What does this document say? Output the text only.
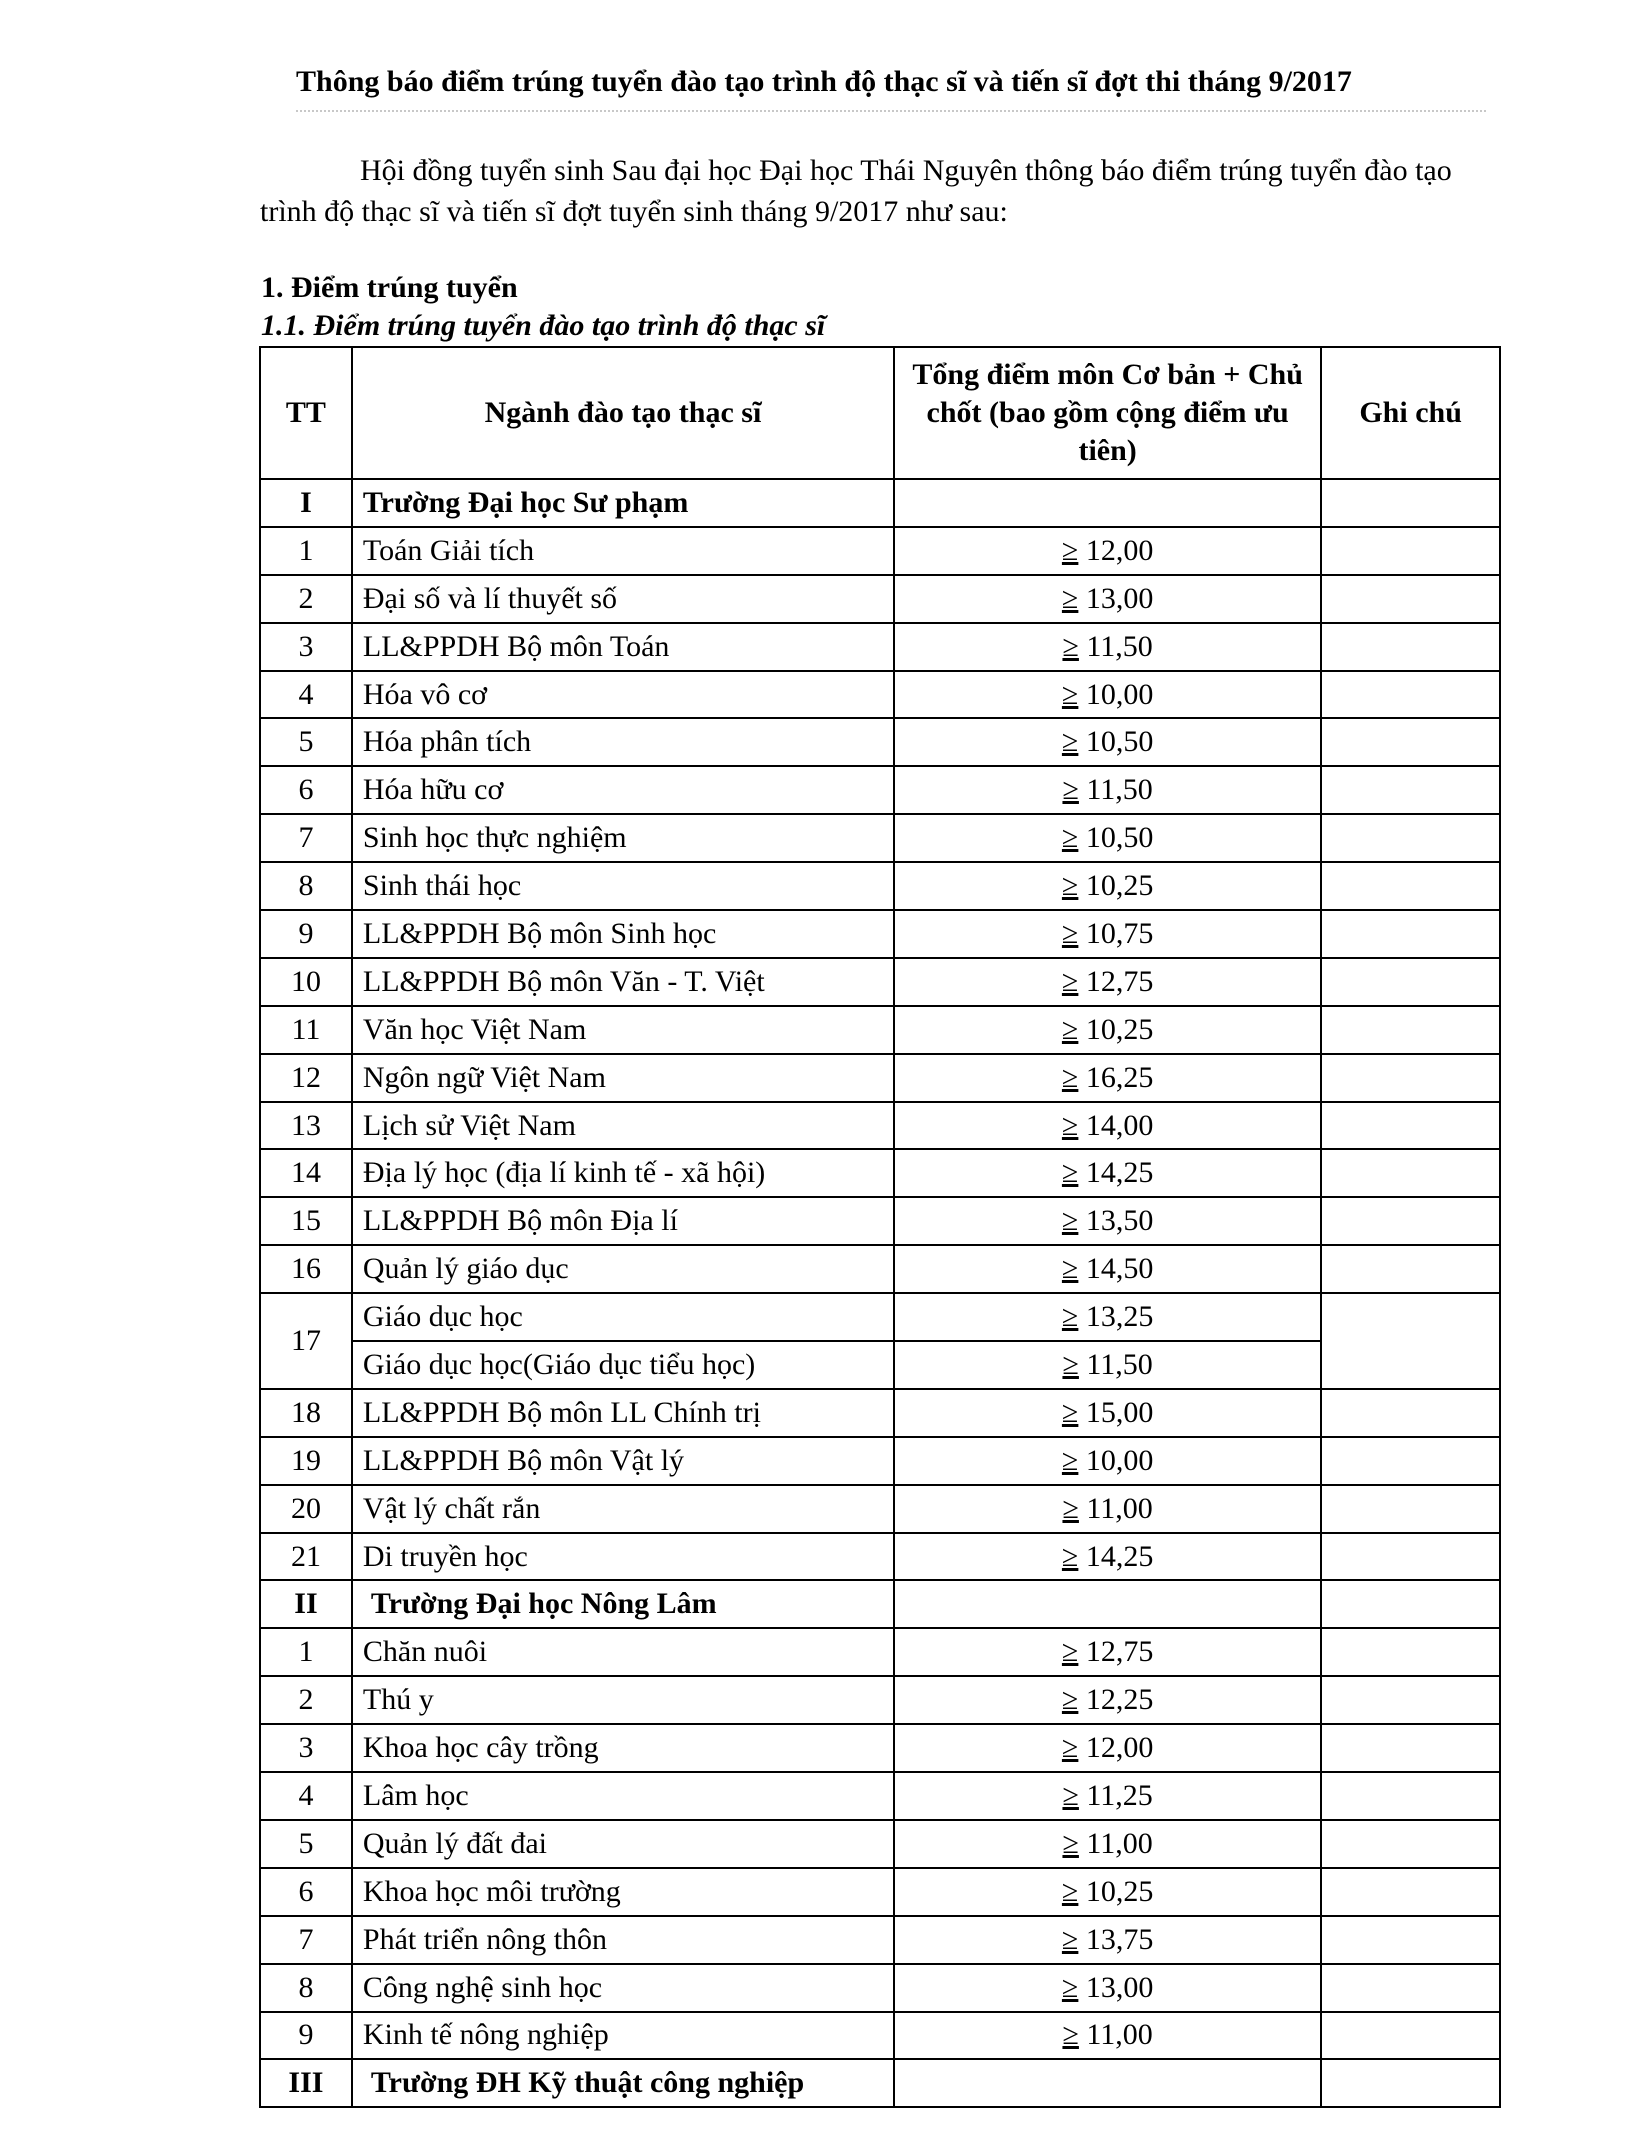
Thông báo điểm trúng tuyển đào tạo trình độ thạc sĩ và tiến sĩ đợt thi tháng 9/2017

Hội đồng tuyển sinh Sau đại học Đại học Thái Nguyên thông báo điểm trúng tuyển đào tạo trình độ thạc sĩ và tiến sĩ đợt tuyển sinh tháng 9/2017 như sau:

1. Điểm trúng tuyển
1.1. Điểm trúng tuyển đào tạo trình độ thạc sĩ
TT	Ngành đào tạo thạc sĩ	Tổng điểm môn Cơ bản + Chủ chốt (bao gồm cộng điểm ưu tiên)	Ghi chú
I	Trường Đại học Sư phạm		
1	Toán Giải tích	≥ 12,00	
2	Đại số và lí thuyết số	≥ 13,00	
3	LL&PPDH Bộ môn Toán	≥ 11,50	
4	Hóa vô cơ	≥ 10,00	
5	Hóa phân tích	≥ 10,50	
6	Hóa hữu cơ	≥ 11,50	
7	Sinh học thực nghiệm	≥ 10,50	
8	Sinh thái học	≥ 10,25	
9	LL&PPDH Bộ môn Sinh học	≥ 10,75	
10	LL&PPDH Bộ môn Văn - T. Việt	≥ 12,75	
11	Văn học Việt Nam	≥ 10,25	
12	Ngôn ngữ Việt Nam	≥ 16,25	
13	Lịch sử Việt Nam	≥ 14,00	
14	Địa lý học (địa lí kinh tế - xã hội)	≥ 14,25	
15	LL&PPDH Bộ môn Địa lí	≥ 13,50	
16	Quản lý giáo dục	≥ 14,50	
17	Giáo dục học	≥ 13,25	
	Giáo dục học(Giáo dục tiểu học)	≥ 11,50	
18	LL&PPDH Bộ môn LL Chính trị	≥ 15,00	
19	LL&PPDH Bộ môn Vật lý	≥ 10,00	
20	Vật lý chất rắn	≥ 11,00	
21	Di truyền học	≥ 14,25	
II	Trường Đại học Nông Lâm		
1	Chăn nuôi	≥ 12,75	
2	Thú y	≥ 12,25	
3	Khoa học cây trồng	≥ 12,00	
4	Lâm học	≥ 11,25	
5	Quản lý đất đai	≥ 11,00	
6	Khoa học môi trường	≥ 10,25	
7	Phát triển nông thôn	≥ 13,75	
8	Công nghệ sinh học	≥ 13,00	
9	Kinh tế nông nghiệp	≥ 11,00	
III	Trường ĐH Kỹ thuật công nghiệp		
